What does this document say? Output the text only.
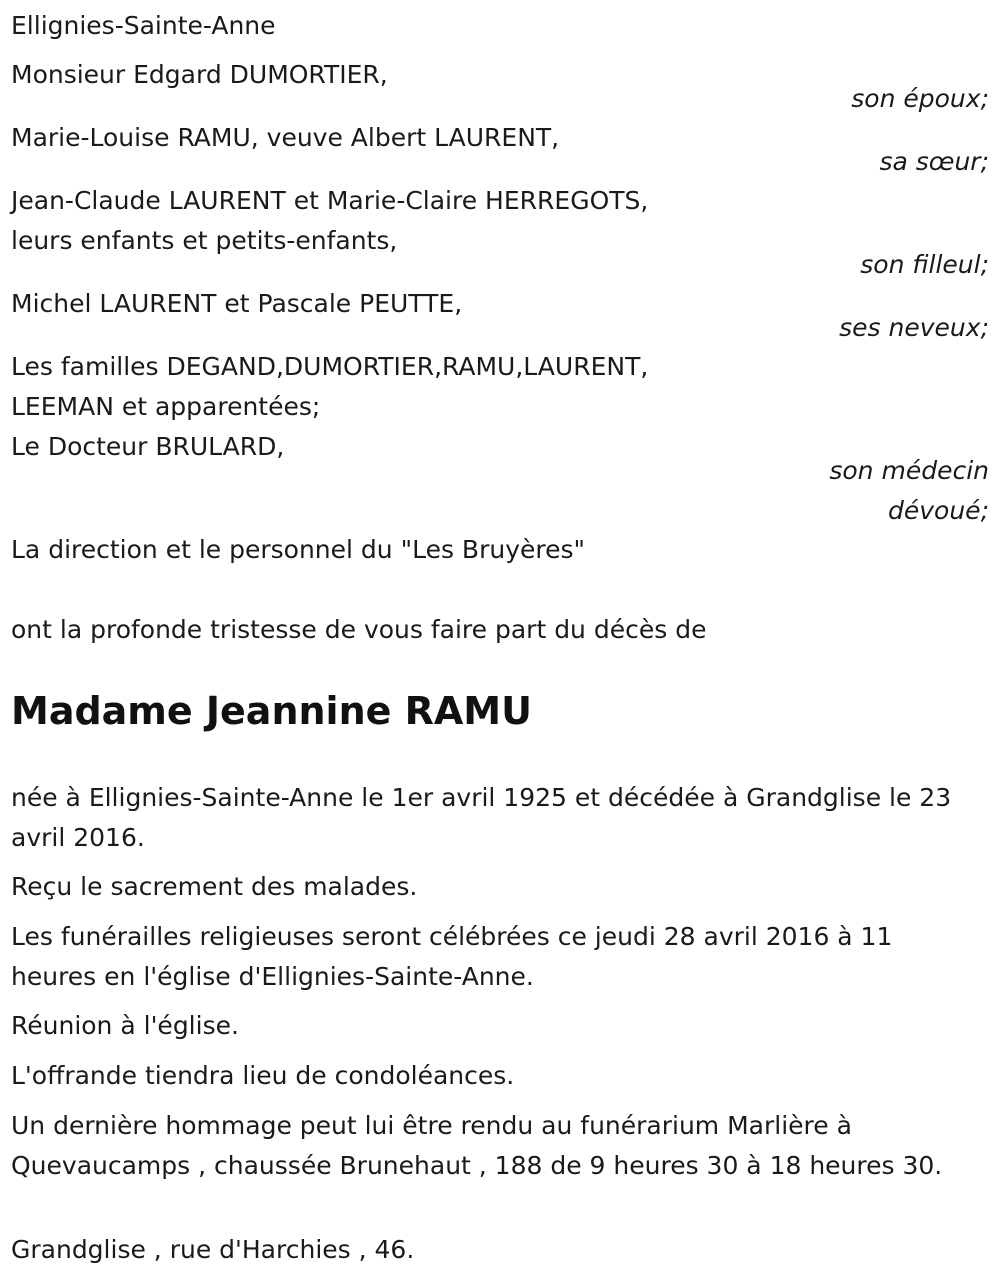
Ellignies-Sainte-Anne
Monsieur Edgard DUMORTIER,
son époux;
Marie-Louise RAMU, veuve Albert LAURENT,
sa sœur;
Jean-Claude LAURENT et Marie-Claire HERREGOTS,
leurs enfants et petits-enfants,
son filleul;
Michel LAURENT et Pascale PEUTTE,
ses neveux;
Les familles DEGAND,DUMORTIER,RAMU,LAURENT,
LEEMAN et apparentées;
Le Docteur BRULARD,
son médecin
dévoué;
La direction et le personnel du "Les Bruyères"
ont la profonde tristesse de vous faire part du décès de
Madame Jeannine RAMU
née à Ellignies-Sainte-Anne le 1er avril 1925 et décédée à Grandglise le 23
avril 2016.
Reçu le sacrement des malades.
Les funérailles religieuses seront célébrées ce jeudi 28 avril 2016 à 11
heures en l'église d'Ellignies-Sainte-Anne.
Réunion à l'église.
L'offrande tiendra lieu de condoléances.
Un dernière hommage peut lui être rendu au funérarium Marlière à
Quevaucamps , chaussée Brunehaut , 188 de 9 heures 30 à 18 heures 30.
Grandglise , rue d'Harchies , 46.
